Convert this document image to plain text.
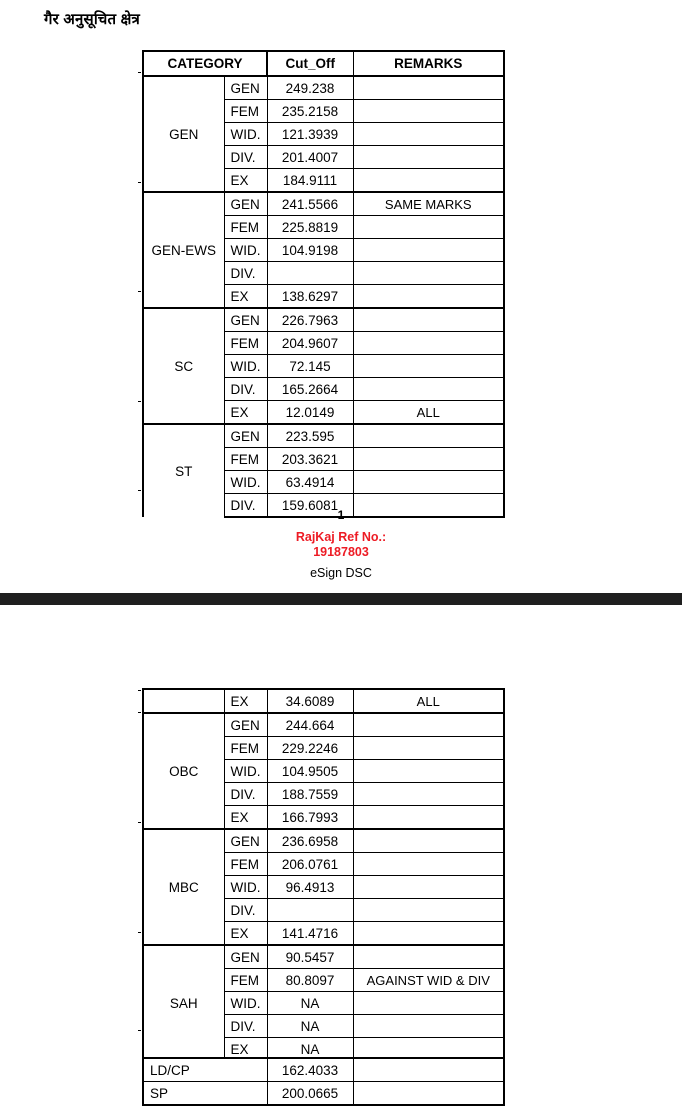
गैर अनुसूचित क्षेत्र
CATEGORY		Cut_Off	REMARKS
GEN	GEN	249.238	
	FEM	235.2158	
	WID.	121.3939	
	DIV.	201.4007	
	EX	184.9111	
GEN-EWS	GEN	241.5566	SAME MARKS
	FEM	225.8819	
	WID.	104.9198	
	DIV.		
	EX	138.6297	
SC	GEN	226.7963	
	FEM	204.9607	
	WID.	72.145	
	DIV.	165.2664	
	EX	12.0149	ALL
ST	GEN	223.595	
	FEM	203.3621	
	WID.	63.4914	
	DIV.	159.6081	

1

RajKaj Ref No.:

19187803

eSign DSC

	EX	34.6089	ALL
OBC	GEN	244.664	
	FEM	229.2246	
	WID.	104.9505	
	DIV.	188.7559	
	EX	166.7993	
MBC	GEN	236.6958	
	FEM	206.0761	
	WID.	96.4913	
	DIV.		
	EX	141.4716	
SAH	GEN	90.5457	
	FEM	80.8097	AGAINST WID & DIV
	WID.	NA	
	DIV.	NA	
	EX	NA	
LD/CP	162.4033	
SP	200.0665	
